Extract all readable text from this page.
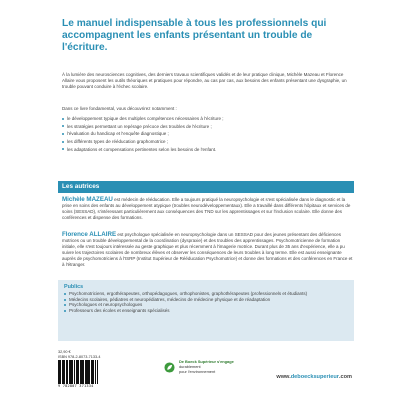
Le manuel indispensable à tous les professionnels qui accompagnent les enfants présentant un trouble de l'écriture.

À la lumière des neurosciences cognitives, des derniers travaux scientifiques validés et de leur pratique clinique, Michèle Mazeau et Florence Allaire vous proposent les outils théoriques et pratiques pour répondre, au cas par cas, aux besoins des enfants présentant une dysgraphie, un trouble pouvant conduire à l'échec scolaire.

Dans ce livre fondamental, vous découvrirez notamment :

le développement typique des multiples compétences nécessaires à l'écriture ;
les stratégies permettant un repérage précoce des troubles de l'écriture ;
l'évaluation du handicap et l'enquête diagnostique ;
les différents types de rééducation graphomotrice ;
les adaptations et compensations pertinentes selon les besoins de l'enfant.
Les autrices
Michèle MAZEAU est médecin de rééducation. Elle a toujours pratiqué la neuropsychologie et s'est spécialisée dans le diagnostic et la prise en soins des enfants au développement atypique (troubles neurodéveloppementaux). Elle a travaillé dans différents hôpitaux et services de soins (SESSAD), s'intéressant particulièrement aux conséquences des TND sur les apprentissages et sur l'inclusion scolaire. Elle donne des conférences et dispense des formations.
Florence ALLAIRE est psychologue spécialisée en neuropsychologie dans un SESSAD pour des jeunes présentant des déficiences motrices ou un trouble développemental de la coordination (dyspraxie) et des troubles des apprentissages. Psychomotricienne de formation initiale, elle s'est toujours intéressée au geste graphique et plus récemment à l'imagerie motrice. Durant plus de 35 ans d'expérience, elle a pu suivre les trajectoires scolaires de nombreux élèves et observer les conséquences de leurs troubles à long terme. Elle est aussi enseignante auprès de psychomotriciens à l'ISRP (Institut Supérieur de Rééducation Psychomotrice) et donne des formations et des conférences en France et à l'étranger.
Publics
Psychomotriciens, ergothérapeutes, orthopédagogues, orthophonistes, graphothérapeutes (professionnels et étudiants)
Médecins scolaires, pédiatres et neuropédiatres, médecins de médecine physique et de réadaptation
Psychologues et neuropsychologues
Professeurs des écoles et enseignants spécialisés
32,90 €
ISBN 978-2-8073-7133-4
9 782807 371334
De Boeck Supérieur s'engage
durablement
pour l'environnement
www.deboecksuperieur.com
